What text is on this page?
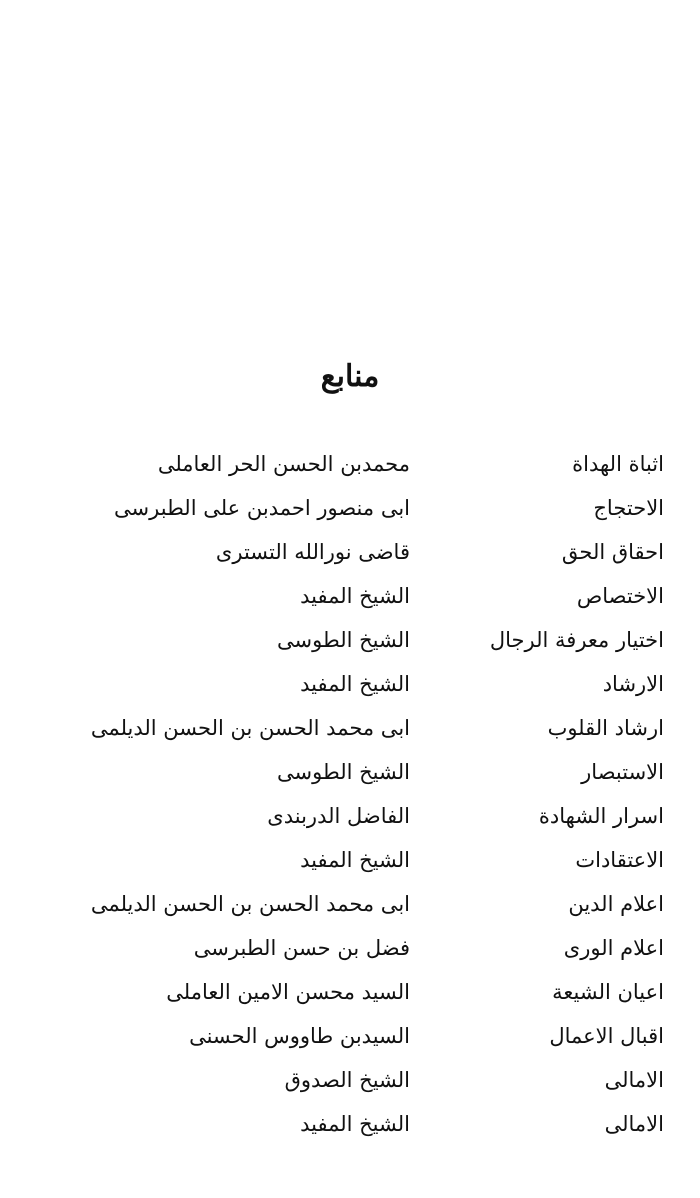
منابع
اثباة الهداة
محمدبن الحسن الحر العاملی
الاحتجاج
ابی منصور احمدبن علی الطبرسی
احقاق الحق
قاضی نورالله التستری
الاختصاص
الشیخ المفید
اختیار معرفة الرجال
الشیخ الطوسی
الارشاد
الشیخ المفید
ارشاد القلوب
ابی محمد الحسن بن الحسن الدیلمی
الاستبصار
الشیخ الطوسی
اسرار الشهادة
الفاضل الدربندی
الاعتقادات
الشیخ المفید
اعلام الدین
ابی محمد الحسن بن الحسن الدیلمی
اعلام الوری
فضل بن حسن الطبرسی
اعیان الشیعة
السید محسن الامین العاملی
اقبال الاعمال
السیدبن طاووس الحسنی
الامالی
الشیخ الصدوق
الامالی
الشیخ المفید
